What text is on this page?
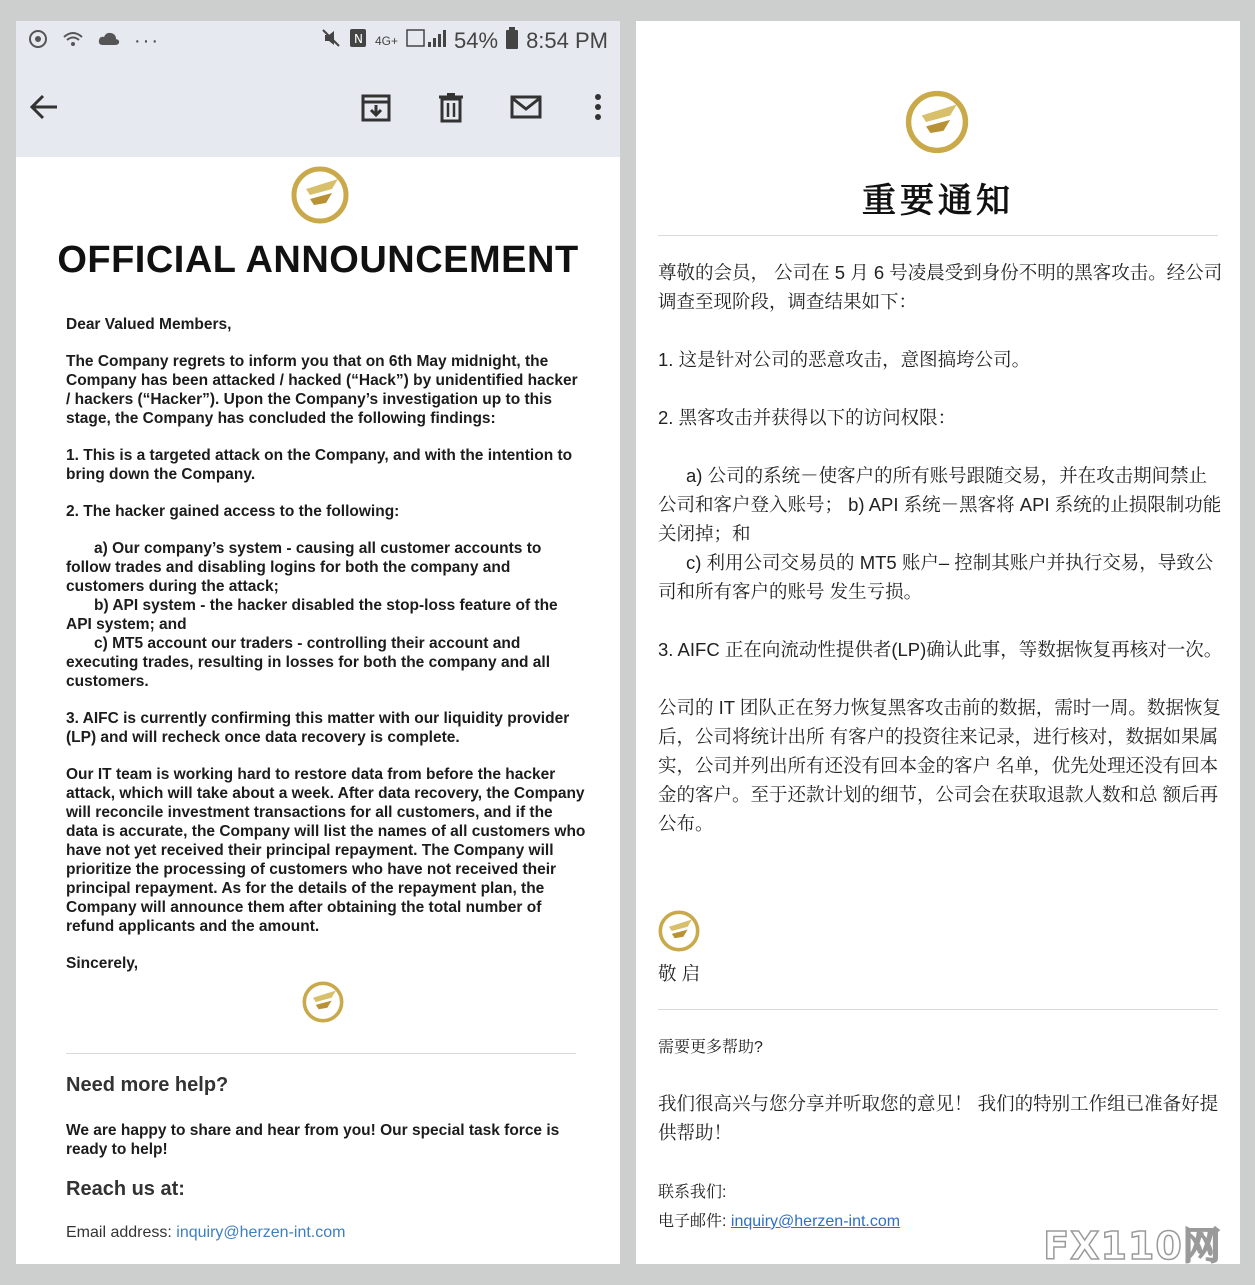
···	N 4G+	54% 8:54 PM
OFFICIAL ANNOUNCEMENT

Dear Valued Members,

The Company regrets to inform you that on 6th May midnight, the Company has been attacked / hacked (“Hack”) by unidentified hacker / hackers (“Hacker”). Upon the Company’s investigation up to this stage, the Company has concluded the following findings:

1. This is a targeted attack on the Company, and with the intention to bring down the Company.

2. The hacker gained access to the following:

a) Our company’s system - causing all customer accounts to follow trades and disabling logins for both the company and customers during the attack;

b) API system - the hacker disabled the stop-loss feature of the API system; and

c) MT5 account our traders - controlling their account and executing trades, resulting in losses for both the company and all customers.

3. AIFC is currently confirming this matter with our liquidity provider (LP) and will recheck once data recovery is complete.

Our IT team is working hard to restore data from before the hacker attack, which will take about a week. After data recovery, the Company will reconcile investment transactions for all customers, and if the data is accurate, the Company will list the names of all customers who have not yet received their principal repayment. The Company will prioritize the processing of customers who have not received their principal repayment. As for the details of the repayment plan, the Company will announce them after obtaining the total number of refund applicants and the amount.

Sincerely,

Need more help?
We are happy to share and hear from you! Our special task force is ready to help!
Reach us at:
Email address: inquiry@herzen-int.com
重要通知

尊敬的会员， 公司在 5 月 6 号凌晨受到身份不明的黑客攻击。经公司调查至现阶段，调查结果如下：

1. 这是针对公司的恶意攻击，意图搞垮公司。

2. 黑客攻击并获得以下的访问权限：

a) 公司的系统－使客户的所有账号跟随交易，并在攻击期间禁止公司和客户登入账号； b) API 系统－黑客将 API 系统的止损限制功能关闭掉；和

c) 利用公司交易员的 MT5 账户– 控制其账户并执行交易，导致公司和所有客户的账号 发生亏损。

3. AIFC 正在向流动性提供者(LP)确认此事，等数据恢复再核对一次。

公司的 IT 团队正在努力恢复黑客攻击前的数据，需时一周。数据恢复后，公司将统计出所 有客户的投资往来记录，进行核对，数据如果属实，公司并列出所有还没有回本金的客户 名单，优先处理还没有回本金的客户。至于还款计划的细节，公司会在获取退款人数和总 额后再公布。

敬 启
需要更多帮助?
我们很高兴与您分享并听取您的意见！ 我们的特别工作组已准备好提供帮助！
联系我们:
电子邮件: inquiry@herzen-int.com
FX110网
